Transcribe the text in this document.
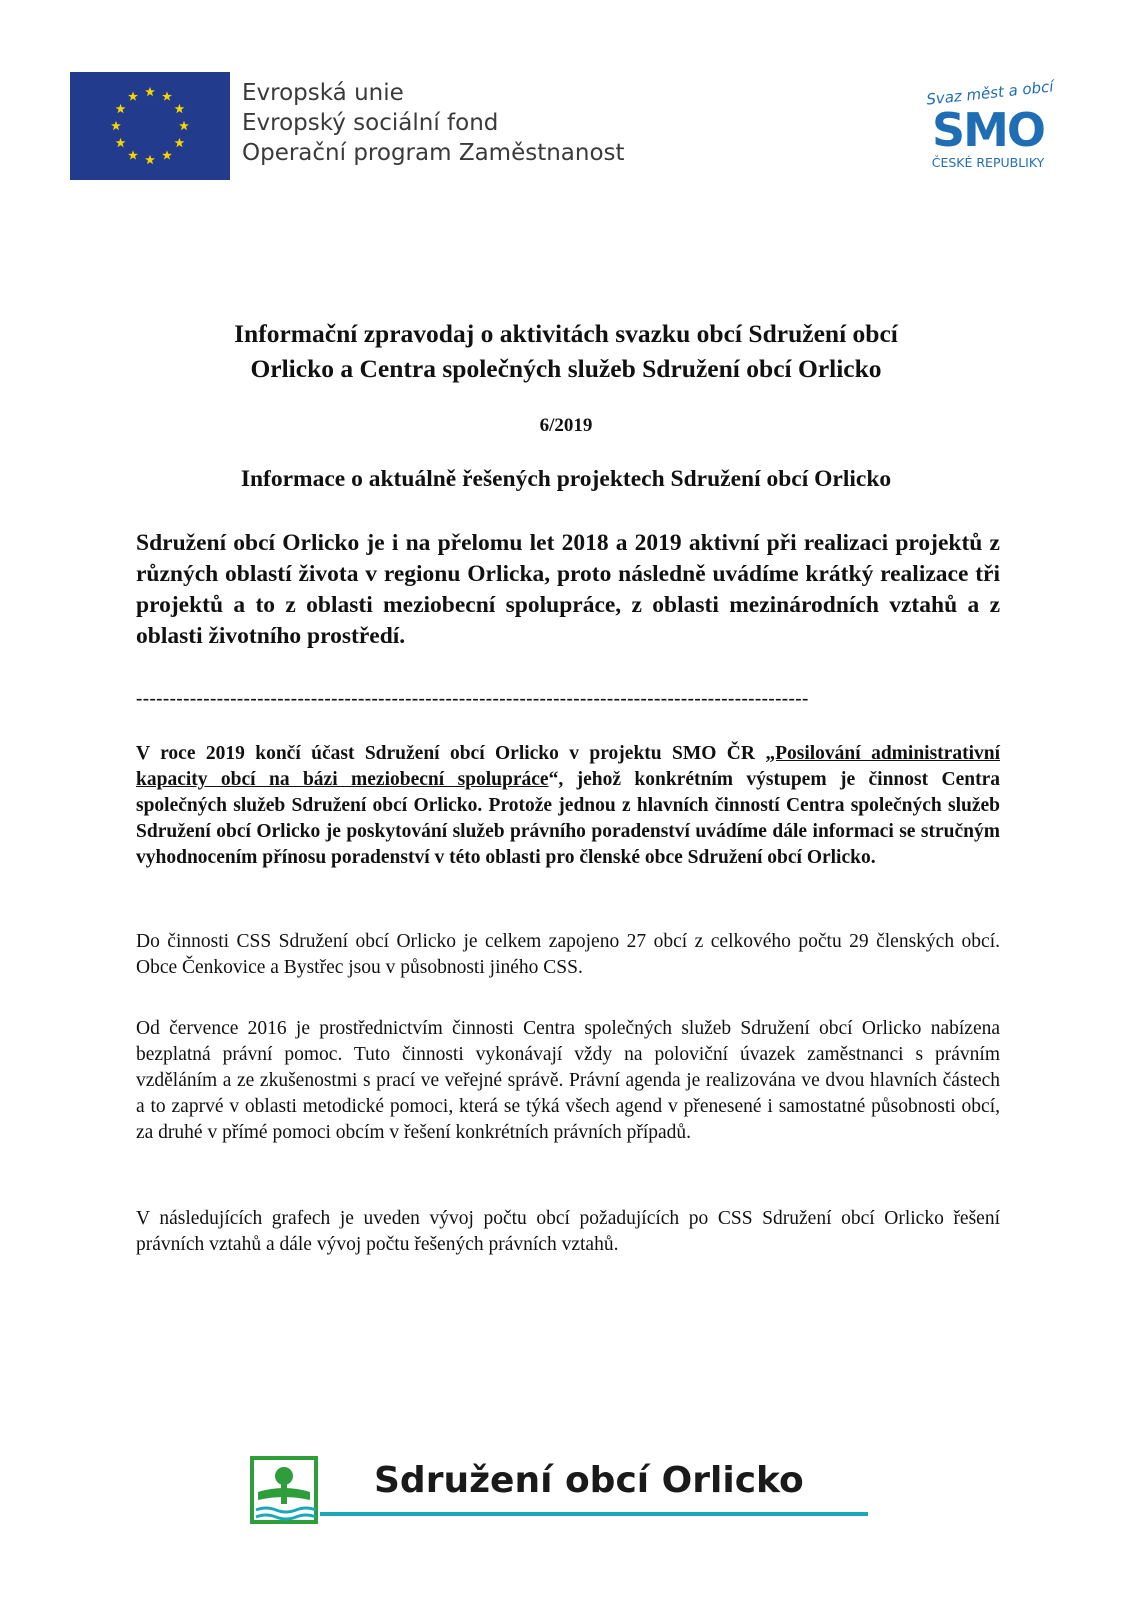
Evropská unie
Evropský sociální fond
Operační program Zaměstnanost
Svaz měst a obcí
SMO
ČESKÉ REPUBLIKY
Informační zpravodaj o aktivitách svazku obcí Sdružení obcí
Orlicko a Centra společných služeb Sdružení obcí Orlicko
6/2019
Informace o aktuálně řešených projektech Sdružení obcí Orlicko
Sdružení obcí Orlicko je i na přelomu let 2018 a 2019 aktivní při realizaci projektů z různých oblastí života v regionu Orlicka, proto následně uvádíme krátký realizace tři projektů a to z oblasti meziobecní spolupráce, z oblasti mezinárodních vztahů a z oblasti životního prostředí.
----------------------------------------------------------------------------------------------------
V roce 2019 končí účast Sdružení obcí Orlicko v projektu SMO ČR „Posilování administrativní kapacity obcí na bázi meziobecní spolupráce“, jehož konkrétním výstupem je činnost Centra společných služeb Sdružení obcí Orlicko. Protože jednou z hlavních činností Centra společných služeb Sdružení obcí Orlicko je poskytování služeb právního poradenství uvádíme dále informaci se stručným vyhodnocením přínosu poradenství v této oblasti pro členské obce Sdružení obcí Orlicko.
Do činnosti CSS Sdružení obcí Orlicko je celkem zapojeno 27 obcí z celkového počtu 29 členských obcí. Obce Čenkovice a Bystřec jsou v působnosti jiného CSS.
Od července 2016 je prostřednictvím činnosti Centra společných služeb Sdružení obcí Orlicko nabízena bezplatná právní pomoc. Tuto činnosti vykonávají vždy na poloviční úvazek zaměstnanci s právním vzděláním a ze zkušenostmi s prací ve veřejné správě. Právní agenda je realizována ve dvou hlavních částech a to zaprvé v oblasti metodické pomoci, která se týká všech agend v přenesené i samostatné působnosti obcí, za druhé v přímé pomoci obcím v řešení konkrétních právních případů.
V následujících grafech je uveden vývoj počtu obcí požadujících po CSS Sdružení obcí Orlicko řešení právních vztahů a dále vývoj počtu řešených právních vztahů.
Sdružení obcí Orlicko
